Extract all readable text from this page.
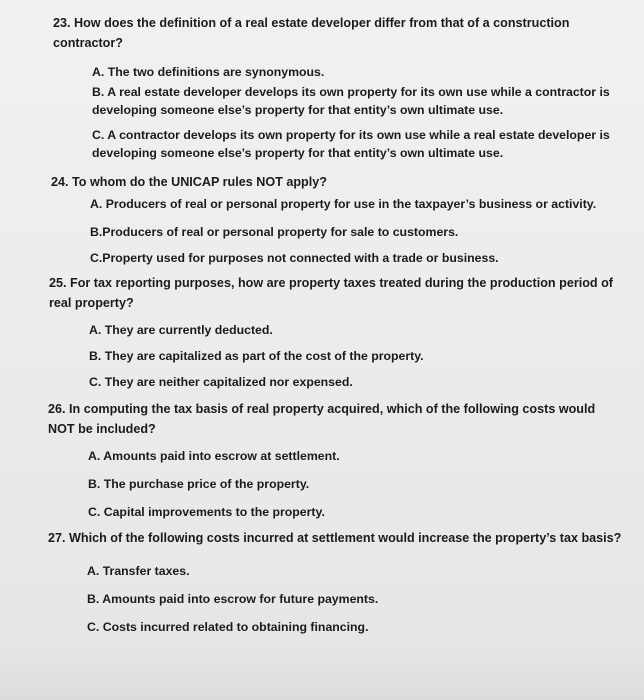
23. How does the definition of a real estate developer differ from that of a construction
contractor?
A. The two definitions are synonymous.
B. A real estate developer develops its own property for its own use while a contractor is
developing someone else’s property for that entity’s own ultimate use.
C. A contractor develops its own property for its own use while a real estate developer is
developing someone else’s property for that entity’s own ultimate use.
24. To whom do the UNICAP rules NOT apply?
A. Producers of real or personal property for use in the taxpayer’s business or activity.
B.Producers of real or personal property for sale to customers.
C.Property used for purposes not connected with a trade or business.
25. For tax reporting purposes, how are property taxes treated during the production period of
real property?
A. They are currently deducted.
B. They are capitalized as part of the cost of the property.
C. They are neither capitalized nor expensed.
26. In computing the tax basis of real property acquired, which of the following costs would
NOT be included?
A. Amounts paid into escrow at settlement.
B. The purchase price of the property.
C. Capital improvements to the property.
27. Which of the following costs incurred at settlement would increase the property’s tax basis?
A. Transfer taxes.
B. Amounts paid into escrow for future payments.
C. Costs incurred related to obtaining financing.
